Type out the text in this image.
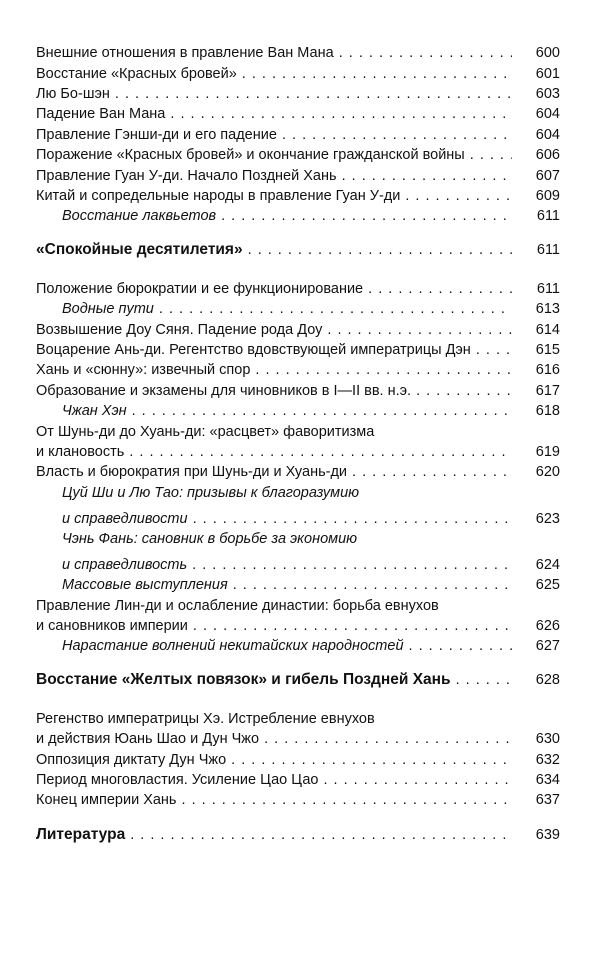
Внешние отношения в правление Ван Мана . . .	600
Восстание «Красных бровей» . . .	601
Лю Бо-шэн . . .	603
Падение Ван Мана . . .	604
Правление Гэнши-ди и его падение . . .	604
Поражение «Красных бровей» и окончание гражданской войны . . .	606
Правление Гуан У-ди. Начало Поздней Хань . . .	607
Китай и сопредельные народы в правление Гуан У-ди . . .	609
Восстание лаквьетов . . .	611
«Спокойные десятилетия» . . .	611
Положение бюрократии и ее функционирование . . .	611
Водные пути . . .	613
Возвышение Доу Сяня. Падение рода Доу . . .	614
Воцарение Ань-ди. Регентство вдовствующей императрицы Дэн . . .	615
Хань и «сюнну»: извечный спор . . .	616
Образование и экзамены для чиновников в I—II вв. н.э. . . .	617
Чжан Хэн . . .	618
От Шунь-ди до Хуань-ди: «расцвет» фаворитизма
и клановость . . .	619
Власть и бюрократия при Шунь-ди и Хуань-ди . . .	620
Цуй Ши и Лю Тао: призывы к благоразумию
и справедливости . . .	623
Чэнь Фань: сановник в борьбе за экономию
и справедливость . . .	624
Массовые выступления . . .	625
Правление Лин-ди и ослабление династии: борьба евнухов
и сановников империи . . .	626
Нарастание волнений некитайских народностей . . .	627
Восстание «Желтых повязок» и гибель Поздней Хань . . .	628
Регенство императрицы Хэ. Истребление евнухов
и действия Юань Шао и Дун Чжо . . .	630
Оппозиция диктату Дун Чжо . . .	632
Период многовластия. Усиление Цао Цао . . .	634
Конец империи Хань . . .	637
Литература . . .	639
